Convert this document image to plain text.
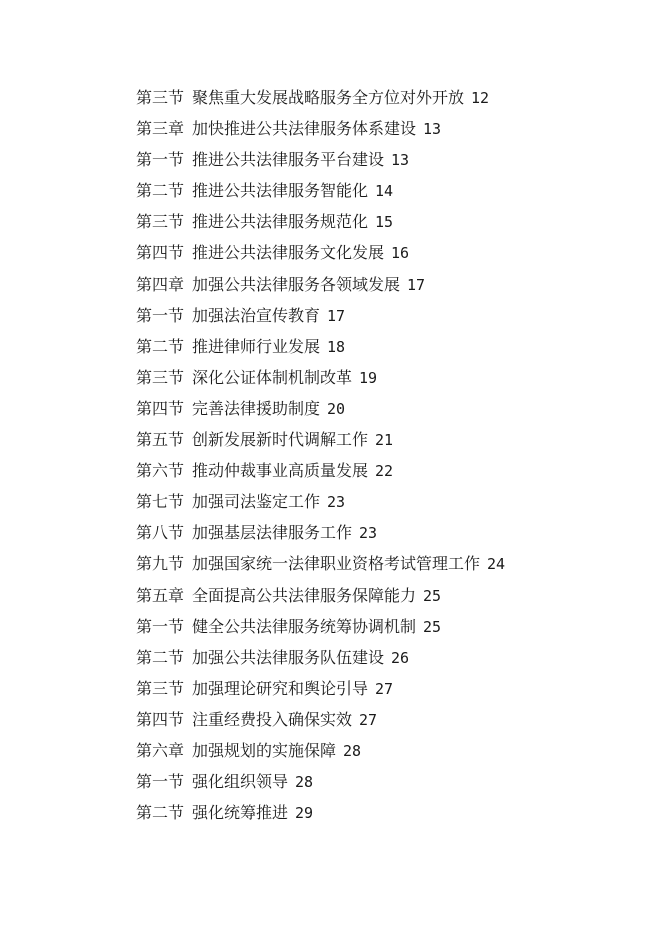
第三节 聚焦重大发展战略服务全方位对外开放 12
第三章 加快推进公共法律服务体系建设 13
第一节 推进公共法律服务平台建设 13
第二节 推进公共法律服务智能化 14
第三节 推进公共法律服务规范化 15
第四节 推进公共法律服务文化发展 16
第四章 加强公共法律服务各领域发展 17
第一节 加强法治宣传教育 17
第二节 推进律师行业发展 18
第三节 深化公证体制机制改革 19
第四节 完善法律援助制度 20
第五节 创新发展新时代调解工作 21
第六节 推动仲裁事业高质量发展 22
第七节 加强司法鉴定工作 23
第八节 加强基层法律服务工作 23
第九节 加强国家统一法律职业资格考试管理工作 24
第五章 全面提高公共法律服务保障能力 25
第一节 健全公共法律服务统筹协调机制 25
第二节 加强公共法律服务队伍建设 26
第三节 加强理论研究和舆论引导 27
第四节 注重经费投入确保实效 27
第六章 加强规划的实施保障 28
第一节 强化组织领导 28
第二节 强化统筹推进 29
